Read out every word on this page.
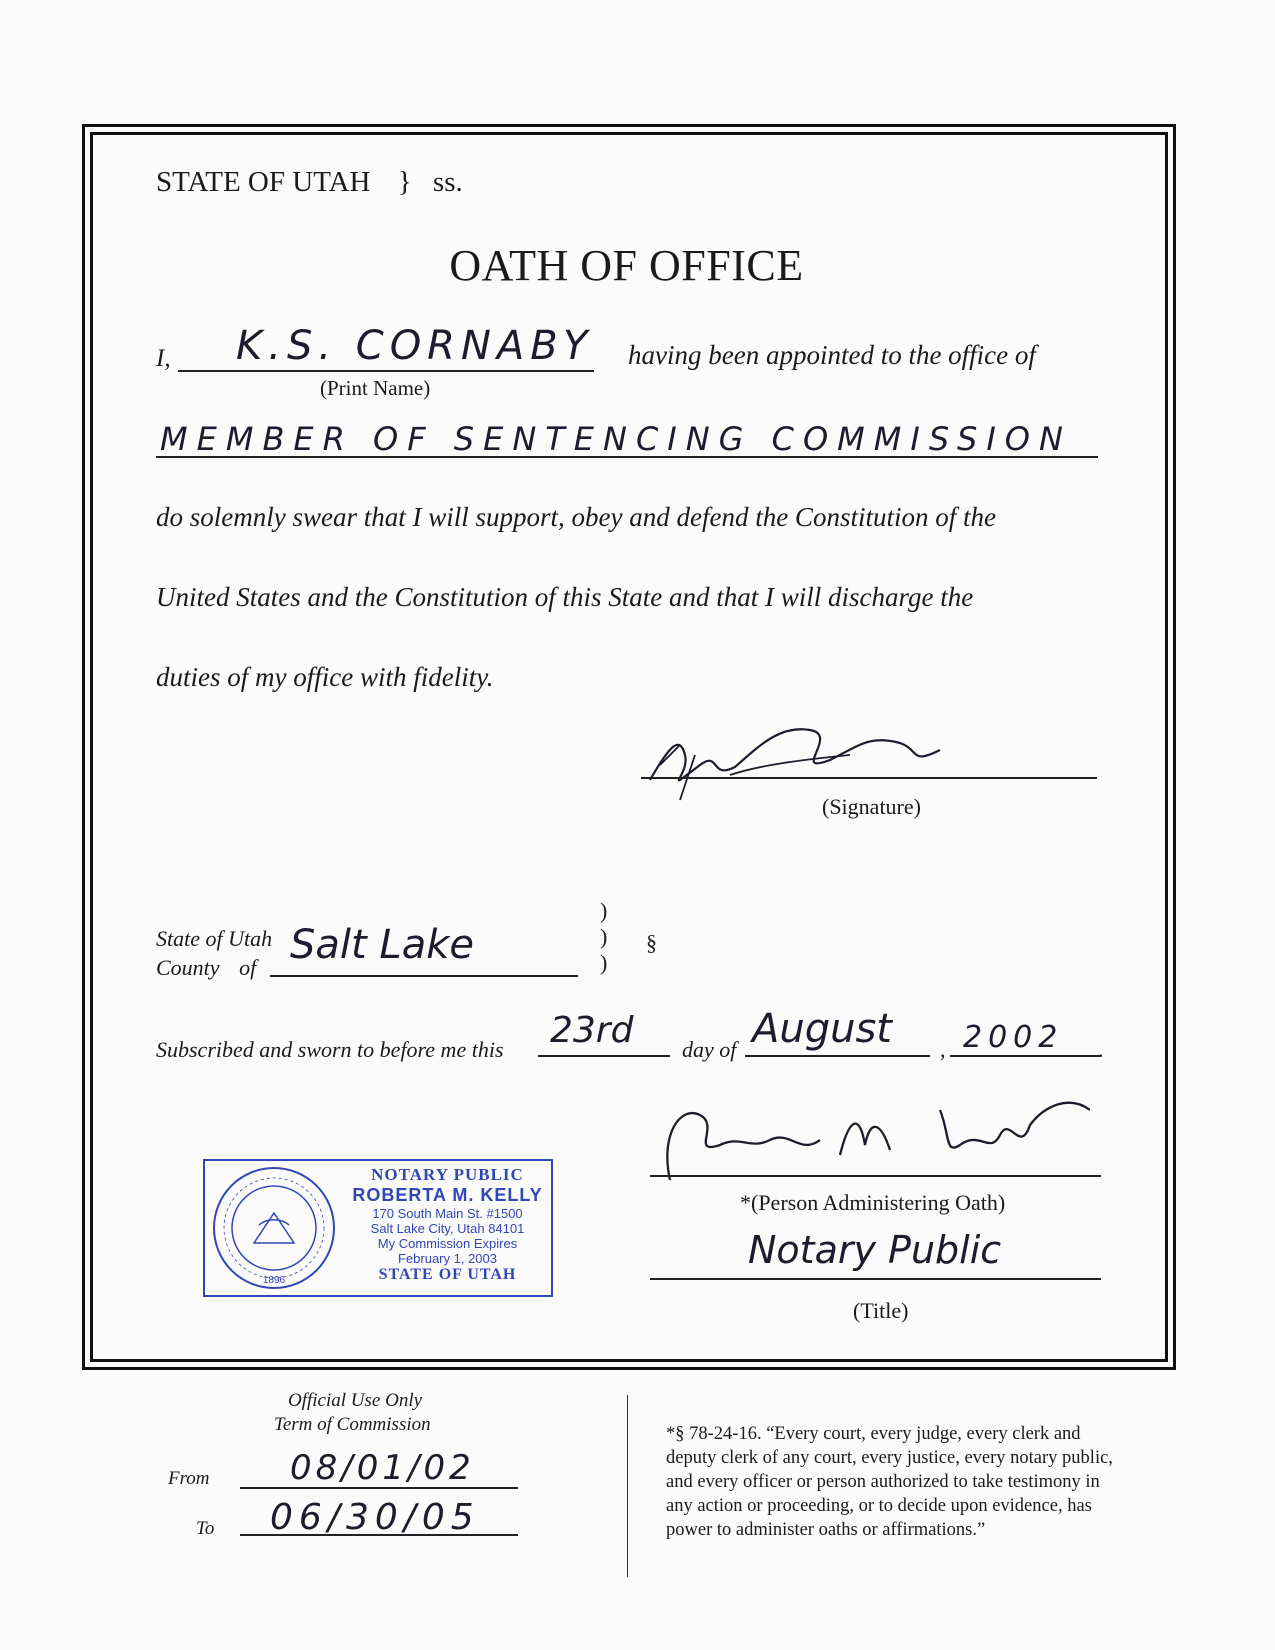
STATE OF UTAH } ss.
OATH OF OFFICE
I, K.S. CORNABY
(Print Name)
having been appointed to the office of
MEMBER OF SENTENCING COMMISSION
do solemnly swear that I will support, obey and defend the Constitution of the
United States and the Constitution of this State and that I will discharge the
duties of my office with fidelity.
(Signature)
State of Utah
County of Salt Lake
)
)
)
§
Subscribed and sworn to before me this 23rd day of August , 2002 .
1896
NOTARY PUBLIC
ROBERTA M. KELLY
170 South Main St. #1500
Salt Lake City, Utah 84101
My Commission Expires
February 1, 2003
STATE OF UTAH
*(Person Administering Oath)
Notary Public
(Title)
Official Use Only
Term of Commission
From 08/01/02
To 06/30/05
*§ 78-24-16. “Every court, every judge, every clerk and
deputy clerk of any court, every justice, every notary public,
and every officer or person authorized to take testimony in
any action or proceeding, or to decide upon evidence, has
power to administer oaths or affirmations.”
